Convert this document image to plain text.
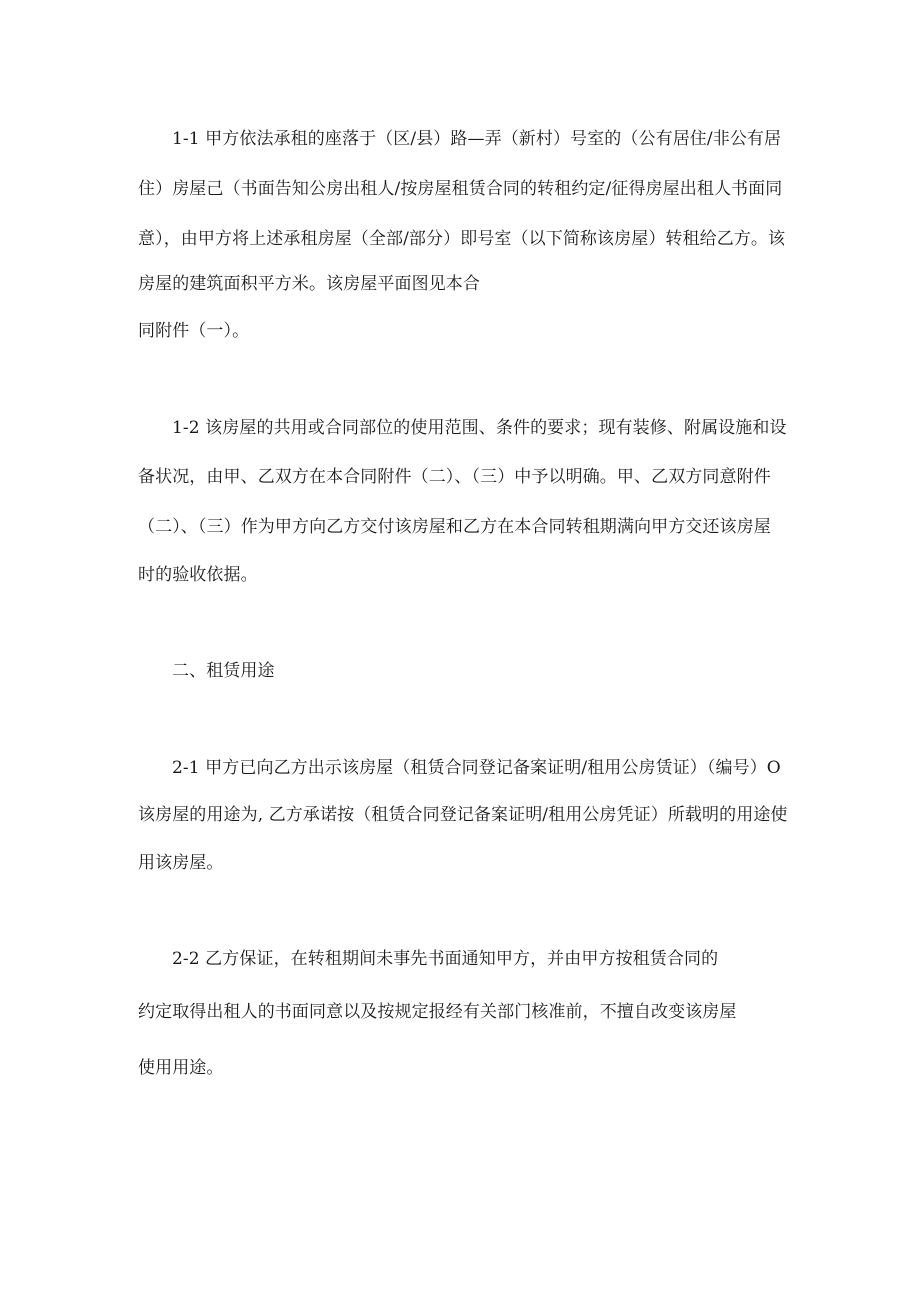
1-1 甲方依法承租的座落于（区/县）路—弄（新村）号室的（公有居住/非公有居
住）房屋己（书面告知公房出租人/按房屋租赁合同的转租约定/征得房屋出租人书面同
意），由甲方将上述承租房屋（全部/部分）即号室（以下简称该房屋）转租给乙方。该
房屋的建筑面积平方米。该房屋平面图见本合
同附件（一）。
1-2 该房屋的共用或合同部位的使用范围、条件的要求；现有装修、附属设施和设
备状况，由甲、乙双方在本合同附件（二）、（三）中予以明确。甲、乙双方同意附件
（二）、（三）作为甲方向乙方交付该房屋和乙方在本合同转租期满向甲方交还该房屋
时的验收依据。
二、租赁用途
2-1 甲方已向乙方出示该房屋（租赁合同登记备案证明/租用公房赁证）（编号）O
该房屋的用途为, 乙方承诺按（租赁合同登记备案证明/租用公房凭证）所载明的用途使
用该房屋。
2-2 乙方保证，在转租期间未事先书面通知甲方，并由甲方按租赁合同的
约定取得出租人的书面同意以及按规定报经有关部门核准前，不擅自改变该房屋
使用用途。
